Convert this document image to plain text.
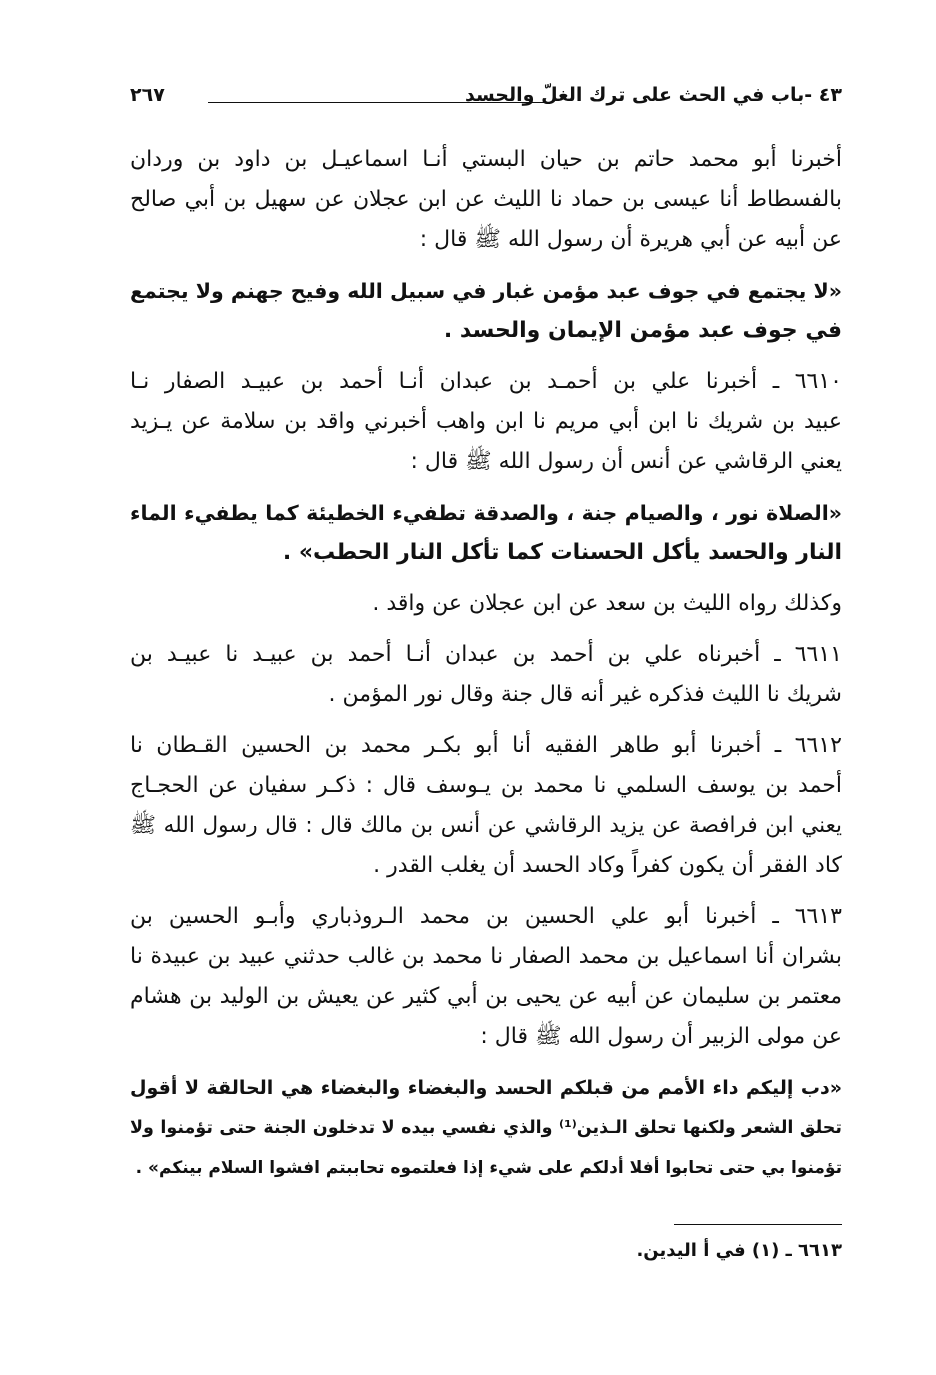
٤٣ -باب في الحث على ترك الغلّ والحسد
٢٦٧

أخبرنا أبو محمد حاتم بن حيان البستي أنـا اسماعيـل بن داود بن وردان
بالفسطاط أنا عيسى بن حماد نا الليث عن ابن عجلان عن سهيل بن أبي صالح
عن أبيه عن أبي هريرة أن رسول الله ﷺ قال :

«لا يجتمع في جوف عبد مؤمن غبار في سبيل الله وفيح جهنم ولا يجتمع
في جوف عبد مؤمن الإيمان والحسد .

٦٦١٠ ـ أخبرنا علي بن أحمـد بن عبدان أنـا أحمد بن عبيـد الصفار نـا
عبيد بن شريك نا ابن أبي مريم نا ابن واهب أخبرني واقد بن سلامة عن يـزيد
يعني الرقاشي عن أنس أن رسول الله ﷺ قال :

«الصلاة نور ، والصيام جنة ، والصدقة تطفيء الخطيئة كما يطفيء الماء
النار والحسد يأكل الحسنات كما تأكل النار الحطب» .

وكذلك رواه الليث بن سعد عن ابن عجلان عن واقد .

٦٦١١ ـ أخبرناه علي بن أحمد بن عبدان أنـا أحمد بن عبيـد نا عبيـد بن
شريك نا الليث فذكره غير أنه قال جنة وقال نور المؤمن .

٦٦١٢ ـ أخبرنا أبو طاهر الفقيه أنا أبو بكـر محمد بن الحسين القـطان نا
أحمد بن يوسف السلمي نا محمد بن يـوسف قال : ذكـر سفيان عن الحجـاج
يعني ابن فرافصة عن يزيد الرقاشي عن أنس بن مالك قال : قال رسول الله ﷺ
كاد الفقر أن يكون كفراً وكاد الحسد أن يغلب القدر .

٦٦١٣ ـ أخبرنا أبو علي الحسين بن محمد الـروذباري وأبـو الحسين بن
بشران أنا اسماعيل بن محمد الصفار نا محمد بن غالب حدثني عبيد بن عبيدة نا
معتمر بن سليمان عن أبيه عن يحيى بن أبي كثير عن يعيش بن الوليد بن هشام
عن مولى الزبير أن رسول الله ﷺ قال :

«دب إليكم داء الأمم من قبلكم الحسد والبغضاء والبغضاء هي الحالقة لا أقول
تحلق الشعر ولكنها تحلق الـذين⁽¹⁾ والذي نفسي بيده لا تدخلون الجنة حتى تؤمنوا ولا
تؤمنوا بي حتى تحابوا أفلا أدلكم على شيء إذا فعلتموه تحاببتم افشوا السلام بينكم» .

٦٦١٣ ـ (١) في أ اليدين.
